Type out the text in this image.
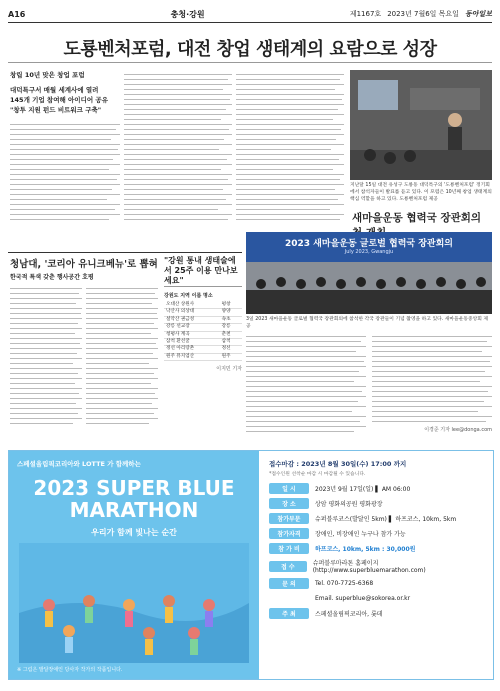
A16	충청·강원	제1167호 2023년 7월6일 목요일 동아일보
도룡벤처포럼, 대전 창업 생태계의 요람으로 성장
창립 10년 맞은 창업 포럼
대덕특구서 매월 세계사에 열려
145개 기업 참여해 아이디어 공유
"창투 지원 펀드 비트워크 구축"
지난달 15일 대전 유성구 도룡동 대덕특구의 '도룡벤처포럼' 정기회에서 참석자들이 발표를 듣고 있다. 이 포럼은 10년째 창업 생태계의 핵심 역할을 하고 있다. 도룡벤처포럼 제공
새마을운동 협력국 장관회의
2023 새마을운동 글로벌 협력국 장관회의
July 2023, Gwangju
3일 2023 새마을운동 글로벌 협력국 장관회의에 참석한 각국 장관들이 기념 촬영을 하고 있다. 새마을운동중앙회 제공
이경준 기자 lee@donga.com
청남대, '코리아 유니크베뉴'로 뽑혀
한국적 특색 갖춘 행사공간 호평
"강원 통내 생태술에서 25주 이용 만나보세요"
강원도 지역 이름 명소
오대산 상원사	평창
낙산사 의상대	양양
설악산 권금성	속초
강릉 선교장	강릉
청평사 계곡	춘천
삼척 환선굴	삼척
정선 아리랑촌	정선
원주 뮤지엄산	원주
이지민 기자
스페셜올림픽코리아와 LOTTE 가 함께하는
2023 SUPER BLUE
MARATHON
우리가 함께 빛나는 순간
※ 그림은 발달장애인 당사자 작가의 작품입니다.
접수마감 : 2023년 8월 30일(수) 17:00 까지
*접수인원 선착순 마감 시 마감될 수 있습니다.
일 시	2023년 9월 17일(일) ▌ AM 06:00
장 소	상암 평화의공원 평화광장
참가부문	슈퍼블루코스(발달인 5km) ▌ 하프코스, 10km, 5km
참가자격	장애인, 비장애인 누구나 참가 가능
참 가 비	하프코스, 10km, 5km : 30,000원
접 수	슈퍼블루마라톤 홈페이지 (http://www.superbluemarathon.com)
문 의	Tel. 070-7725-6368
Email. superblue@sokorea.or.kr
주 최	스페셜올림픽코리아, 롯데
